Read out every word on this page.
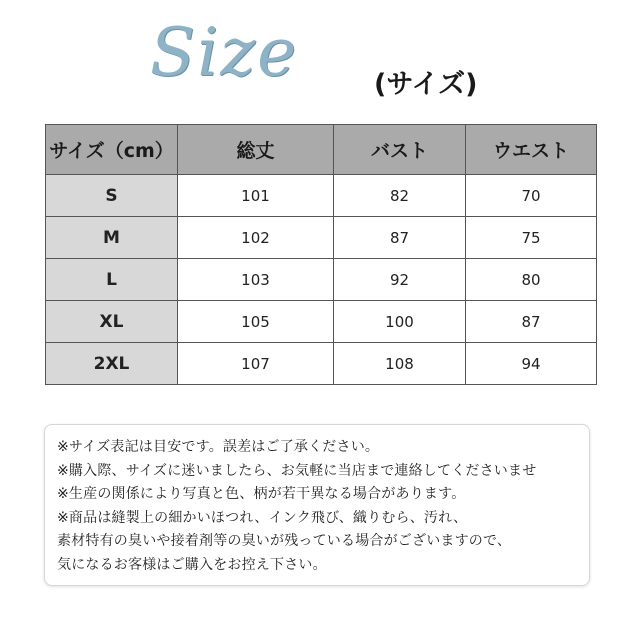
Size	(サイズ)
サイズ（cm）	総丈	バスト	ウエスト
S	101	82	70
M	102	87	75
L	103	92	80
XL	105	100	87
2XL	107	108	94
※サイズ表記は目安です。誤差はご了承ください。
※購入際、サイズに迷いましたら、お気軽に当店まで連絡してくださいませ
※生産の関係により写真と色、柄が若干異なる場合があります。
※商品は縫製上の細かいほつれ、インク飛び、織りむら、汚れ、
素材特有の臭いや接着剤等の臭いが残っている場合がございますので、
気になるお客様はご購入をお控え下さい。
